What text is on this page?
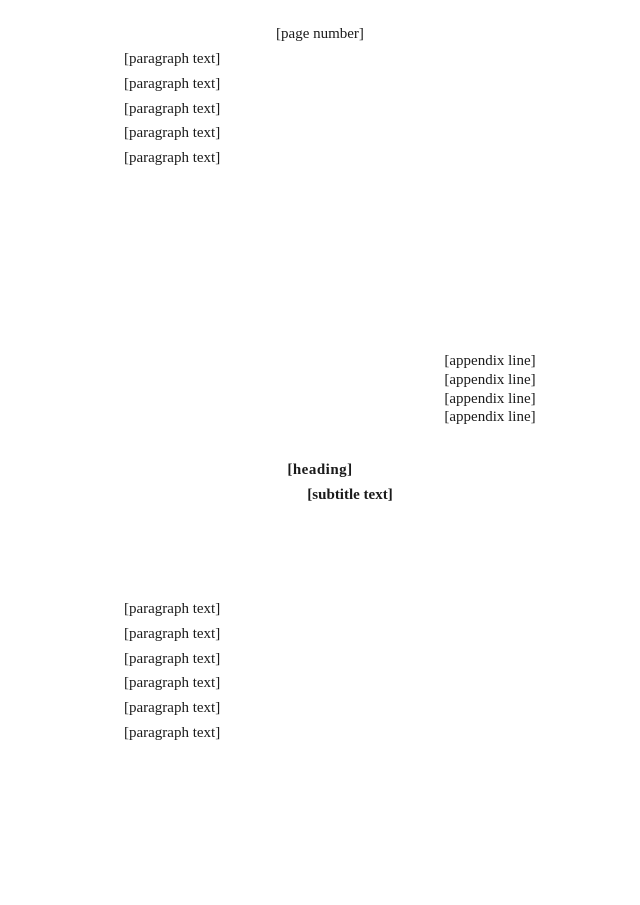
[page number]
[paragraph text]
[paragraph text]
[paragraph text]
[paragraph text]
[paragraph text]
[appendix line]
[appendix line]
[appendix line]
[appendix line]
[heading]
[subtitle text]
[paragraph text]
[paragraph text]
[paragraph text]
[paragraph text]
[paragraph text]
[paragraph text]
